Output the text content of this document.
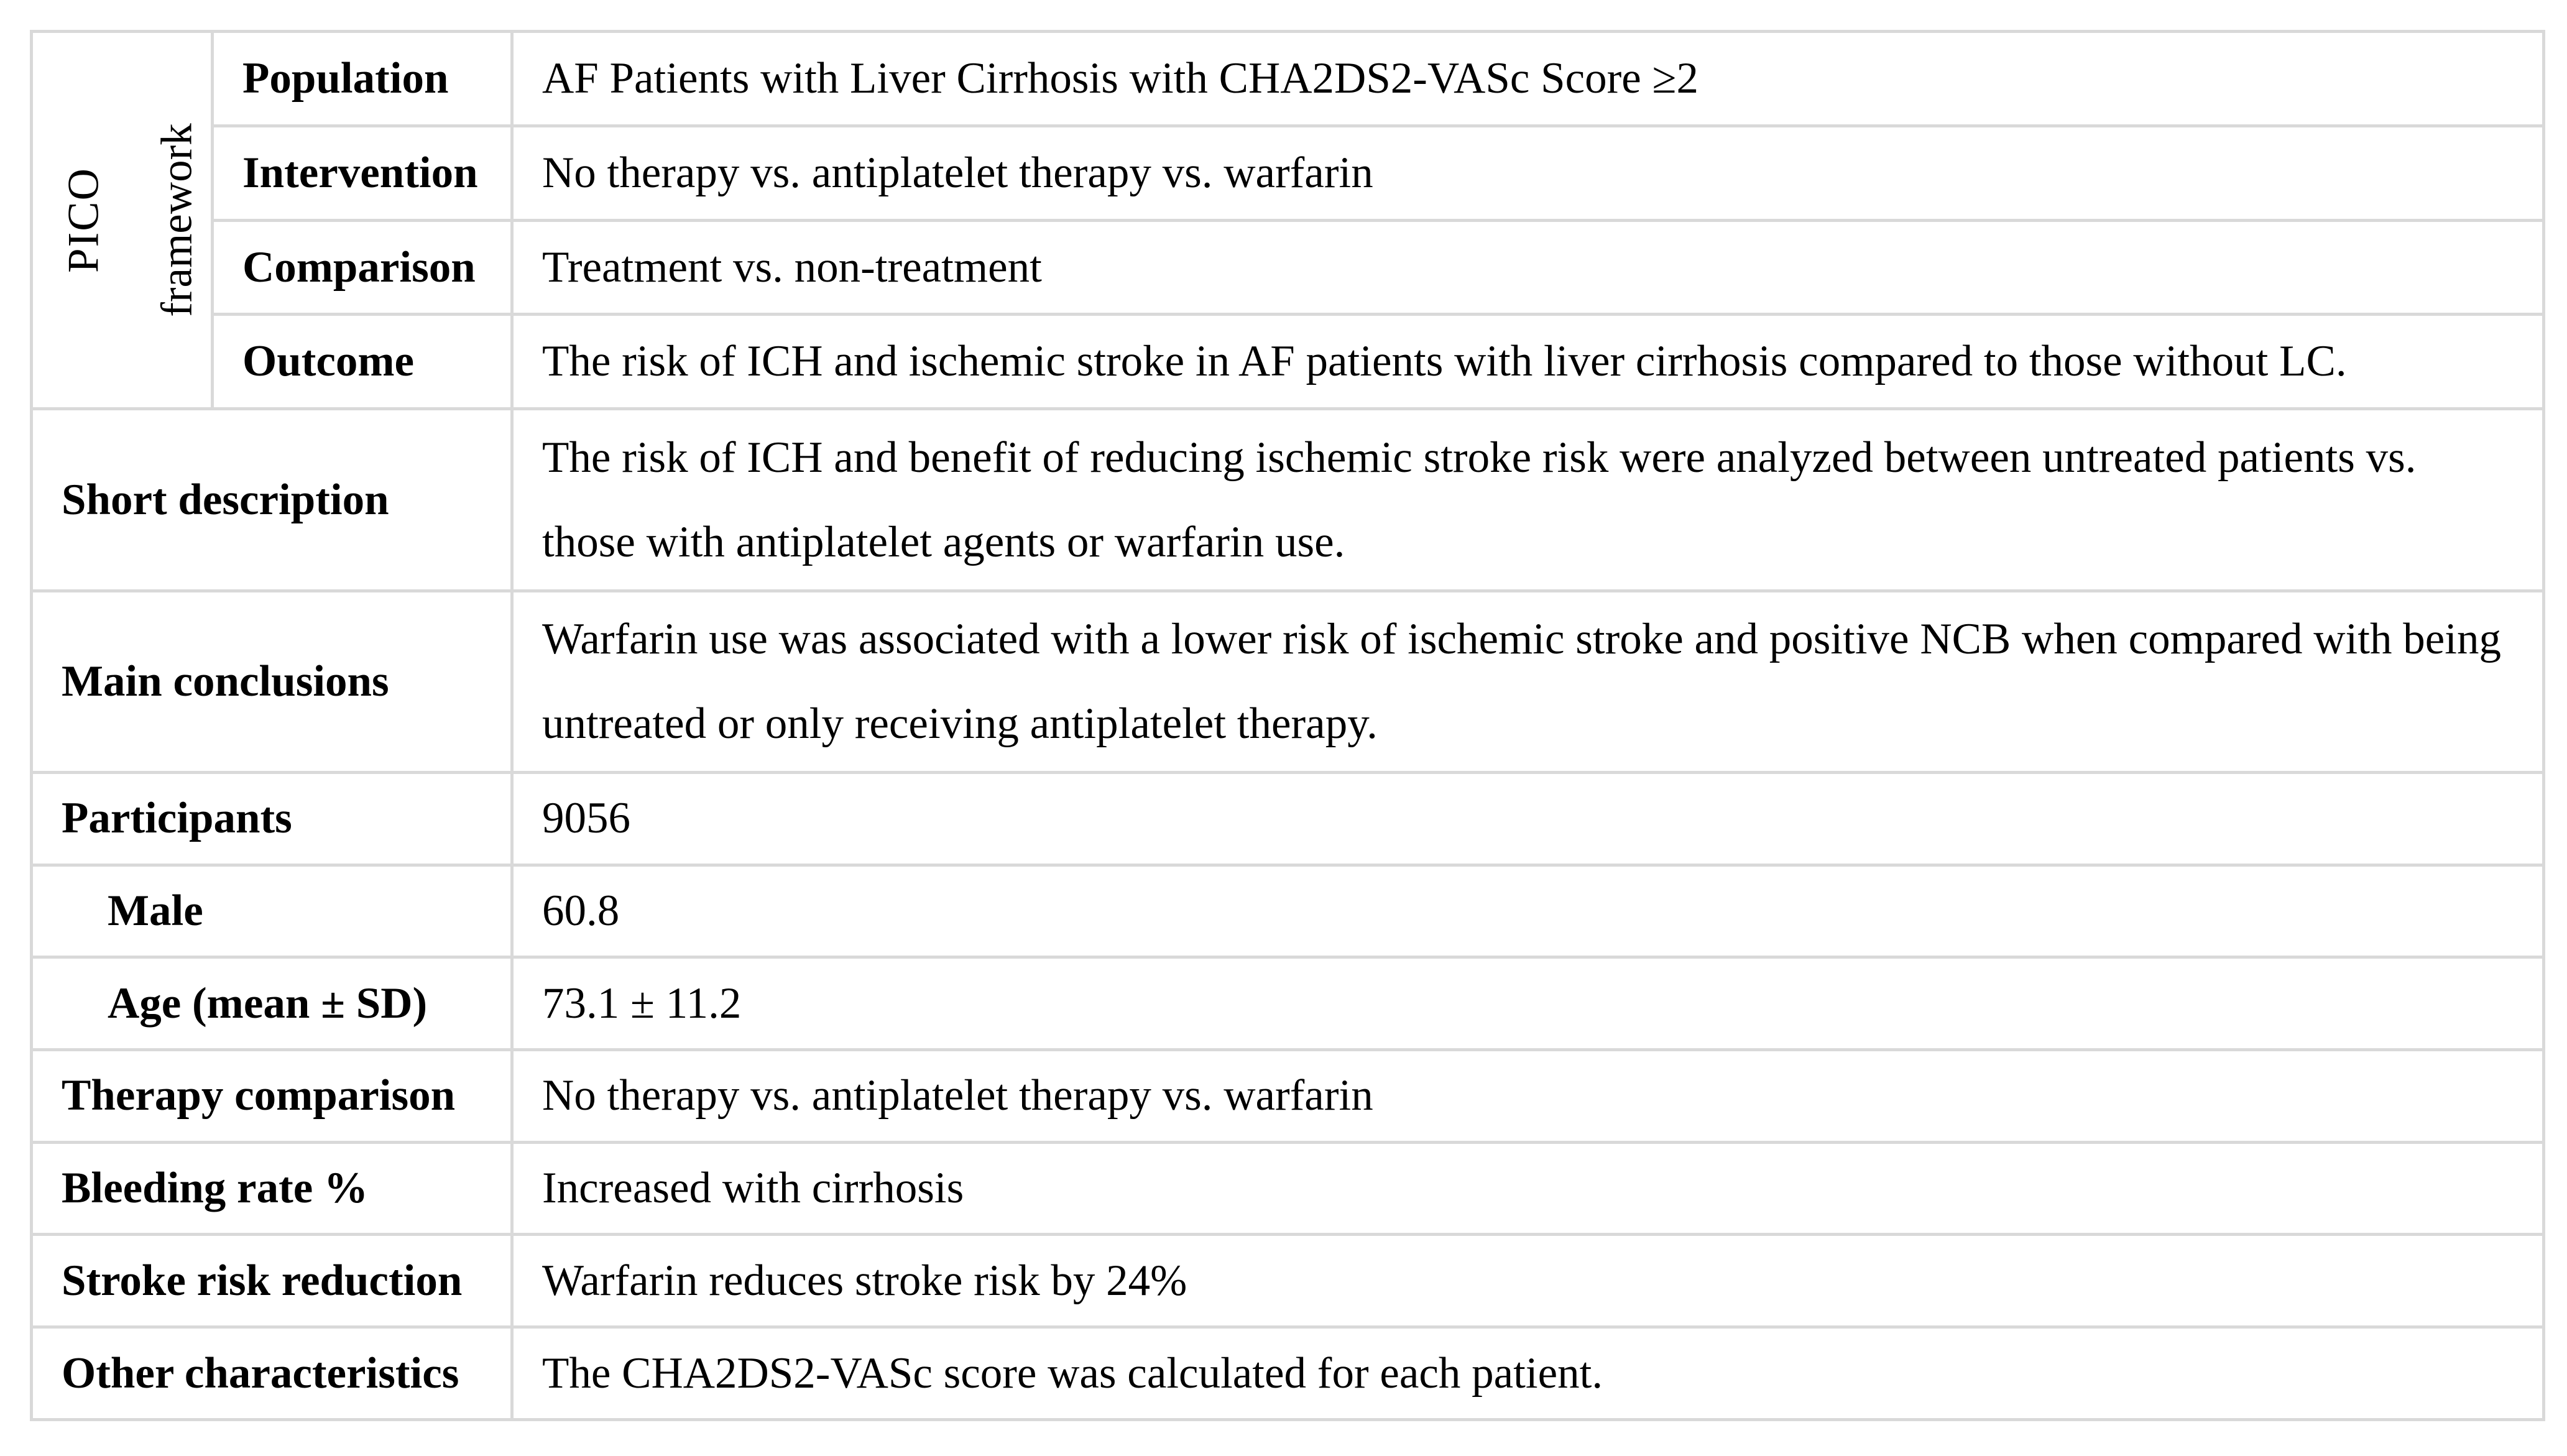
PICO framework	Population	AF Patients with Liver Cirrhosis with CHA2DS2-VASc Score ≥2
	Intervention	No therapy vs. antiplatelet therapy vs. warfarin
	Comparison	Treatment vs. non-treatment
	Outcome	The risk of ICH and ischemic stroke in AF patients with liver cirrhosis compared to those without LC.
Short description		The risk of ICH and benefit of reducing ischemic stroke risk were analyzed between untreated patients vs. those with antiplatelet agents or warfarin use.
Main conclusions		Warfarin use was associated with a lower risk of ischemic stroke and positive NCB when compared with being untreated or only receiving antiplatelet therapy.
Participants		9056
Male		60.8
Age (mean ± SD)		73.1 ± 11.2
Therapy comparison		No therapy vs. antiplatelet therapy vs. warfarin
Bleeding rate %		Increased with cirrhosis
Stroke risk reduction		Warfarin reduces stroke risk by 24%
Other characteristics		The CHA2DS2-VASc score was calculated for each patient.
